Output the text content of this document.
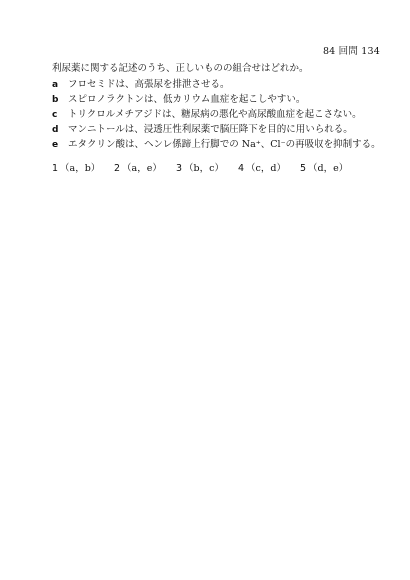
84 回問 134
利尿薬に関する記述のうち、正しいものの組合せはどれか。
a	フロセミドは、高張尿を排泄させる。
b	スピロノラクトンは、低カリウム血症を起こしやすい。
c	トリクロルメチアジドは、糖尿病の悪化や高尿酸血症を起こさない。
d	マンニトールは、浸透圧性利尿薬で脳圧降下を目的に用いられる。
e	エタクリン酸は、ヘンレ係蹄上行脚での Na⁺、Cl⁻の再吸収を抑制する。
1 （a，b）	2 （a，e）	3 （b，c）	4 （c，d）	5 （d，e）
